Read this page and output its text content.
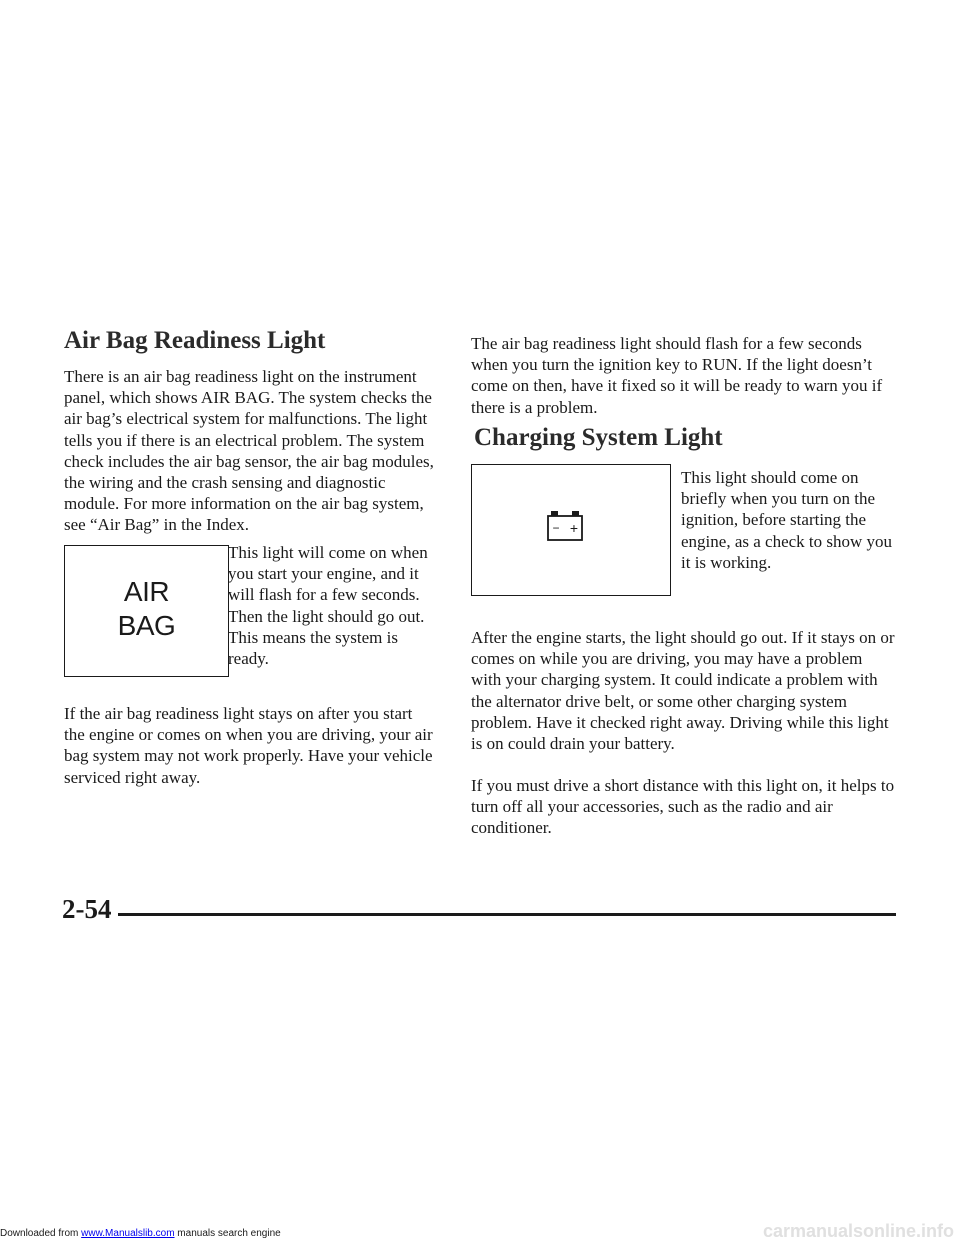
Air Bag Readiness Light

There is an air bag readiness light on the instrument panel, which shows AIR BAG. The system checks the air bag’s electrical system for malfunctions. The light tells you if there is an electrical problem. The system check includes the air bag sensor, the air bag modules, the wiring and the crash sensing and diagnostic module. For more information on the air bag system, see “Air Bag” in the Index.

AIR
BAG

This light will come on when you start your engine, and it will flash for a few seconds. Then the light should go out. This means the system is ready.

If the air bag readiness light stays on after you start the engine or comes on when you are driving, your air bag system may not work properly. Have your vehicle serviced right away.

The air bag readiness light should flash for a few seconds when you turn the ignition key to RUN. If the light doesn’t come on then, have it fixed so it will be ready to warn you if there is a problem.

Charging System Light
− +

This light should come on briefly when you turn on the ignition, before starting the engine, as a check to show you it is working.

After the engine starts, the light should go out. If it stays on or comes on while you are driving, you may have a problem with your charging system. It could indicate a problem with the alternator drive belt, or some other charging system problem. Have it checked right away. Driving while this light is on could drain your battery.

If you must drive a short distance with this light on, it helps to turn off all your accessories, such as the radio and air conditioner.

2-54
Downloaded from www.Manualslib.com manuals search engine	carmanualsonline.info
